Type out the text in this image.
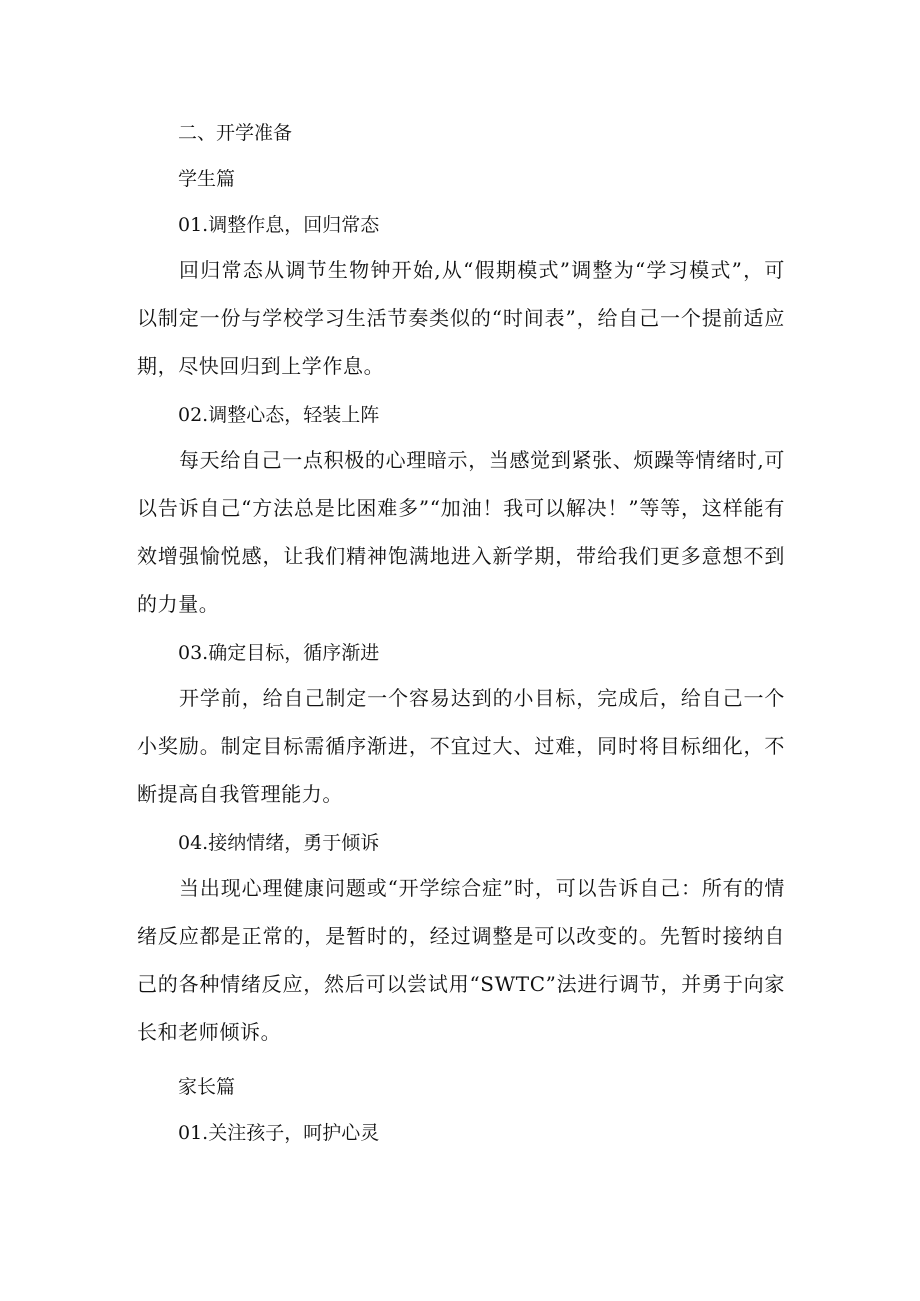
二、开学准备

学生篇

01.调整作息，回归常态

回归常态从调节生物钟开始,从“假期模式”调整为“学习模式”，可以制定一份与学校学习生活节奏类似的“时间表”，给自己一个提前适应期，尽快回归到上学作息。

02.调整心态，轻装上阵

每天给自己一点积极的心理暗示，当感觉到紧张、烦躁等情绪时,可以告诉自己“方法总是比困难多”“加油！我可以解决！”等等，这样能有效增强愉悦感，让我们精神饱满地进入新学期，带给我们更多意想不到的力量。

03.确定目标，循序渐进

开学前，给自己制定一个容易达到的小目标，完成后，给自己一个小奖励。制定目标需循序渐进，不宜过大、过难，同时将目标细化，不断提高自我管理能力。

04.接纳情绪，勇于倾诉

当出现心理健康问题或“开学综合症”时，可以告诉自己：所有的情绪反应都是正常的，是暂时的，经过调整是可以改变的。先暂时接纳自己的各种情绪反应，然后可以尝试用“SWTC”法进行调节，并勇于向家长和老师倾诉。

家长篇

01.关注孩子，呵护心灵
